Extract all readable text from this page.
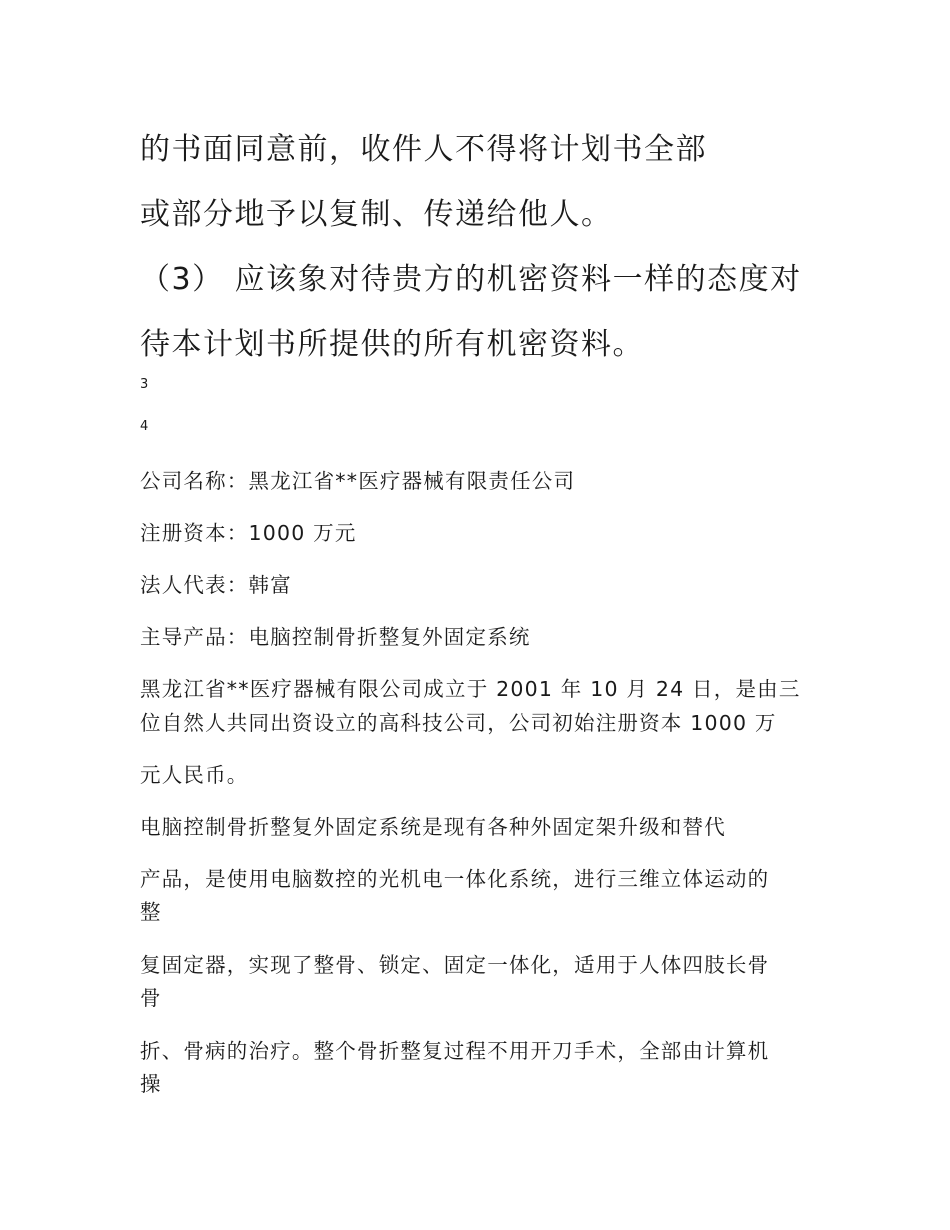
的书面同意前，收件人不得将计划书全部

或部分地予以复制、传递给他人。

（3） 应该象对待贵方的机密资料一样的态度对

待本计划书所提供的所有机密资料。

3

4

公司名称：黑龙江省**医疗器械有限责任公司

注册资本：1000 万元

法人代表：韩富

主导产品：电脑控制骨折整复外固定系统

黑龙江省**医疗器械有限公司成立于 2001 年 10 月 24 日，是由三

位自然人共同出资设立的高科技公司，公司初始注册资本 1000 万

元人民币。

电脑控制骨折整复外固定系统是现有各种外固定架升级和替代

产品，是使用电脑数控的光机电一体化系统，进行三维立体运动的

整

复固定器，实现了整骨、锁定、固定一体化，适用于人体四肢长骨

骨

折、骨病的治疗。整个骨折整复过程不用开刀手术，全部由计算机

操
